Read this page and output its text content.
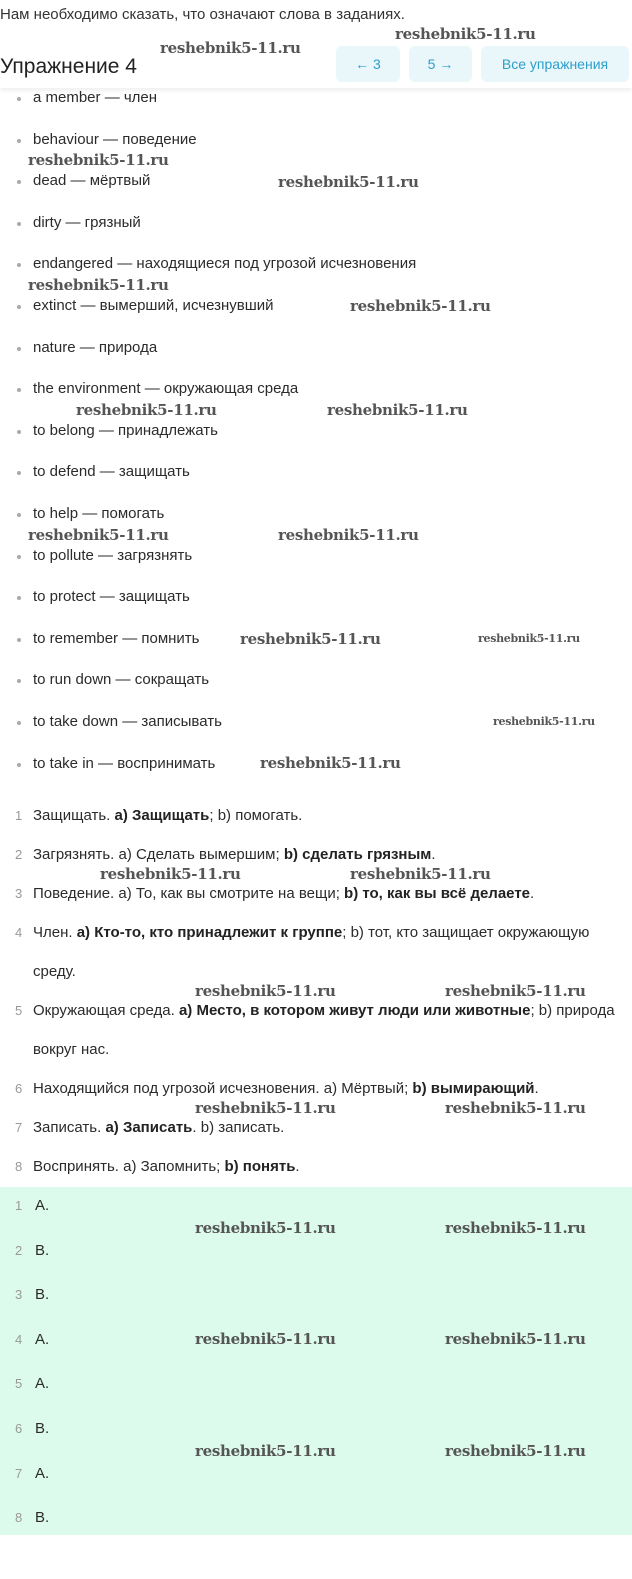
Нам необходимо сказать, что означают слова в заданиях.
Упражнение 4	← 3	5 →	Все упражнения
a member — член
behaviour — поведение
dead — мёртвый
dirty — грязный
endangered — находящиеся под угрозой исчезновения
extinct — вымерший, исчезнувший
nature — природа
the environment — окружающая среда
to belong — принадлежать
to defend — защищать
to help — помогать
to pollute — загрязнять
to protect — защищать
to remember — помнить
to run down — сокращать
to take down — записывать
to take in — воспринимать
1 Защищать. a) Защищать; b) помогать.
2 Загрязнять. a) Сделать вымершим; b) сделать грязным.
3 Поведение. a) То, как вы смотрите на вещи; b) то, как вы всё делаете.
4 Член. a) Кто-то, кто принадлежит к группе; b) тот, кто защищает окружающую среду.
5 Окружающая среда. a) Место, в котором живут люди или животные; b) природа вокруг нас.
6 Находящийся под угрозой исчезновения. a) Мёртвый; b) вымирающий.
7 Записать. a) Записать. b) записать.
8 Воспринять. a) Запомнить; b) понять.
1 A.
2 B.
3 B.
4 A.
5 A.
6 B.
7 A.
8 B.
reshebnik5-11.ru
reshebnik5-11.ru
reshebnik5-11.ru
reshebnik5-11.ru
reshebnik5-11.ru
reshebnik5-11.ru
reshebnik5-11.ru	reshebnik5-11.ru
reshebnik5-11.ru	reshebnik5-11.ru
reshebnik5-11.ru	reshebnik5-11.ru
reshebnik5-11.ru
reshebnik5-11.ru
reshebnik5-11.ru	reshebnik5-11.ru
reshebnik5-11.ru	reshebnik5-11.ru
reshebnik5-11.ru	reshebnik5-11.ru
reshebnik5-11.ru	reshebnik5-11.ru
reshebnik5-11.ru	reshebnik5-11.ru
reshebnik5-11.ru	reshebnik5-11.ru
